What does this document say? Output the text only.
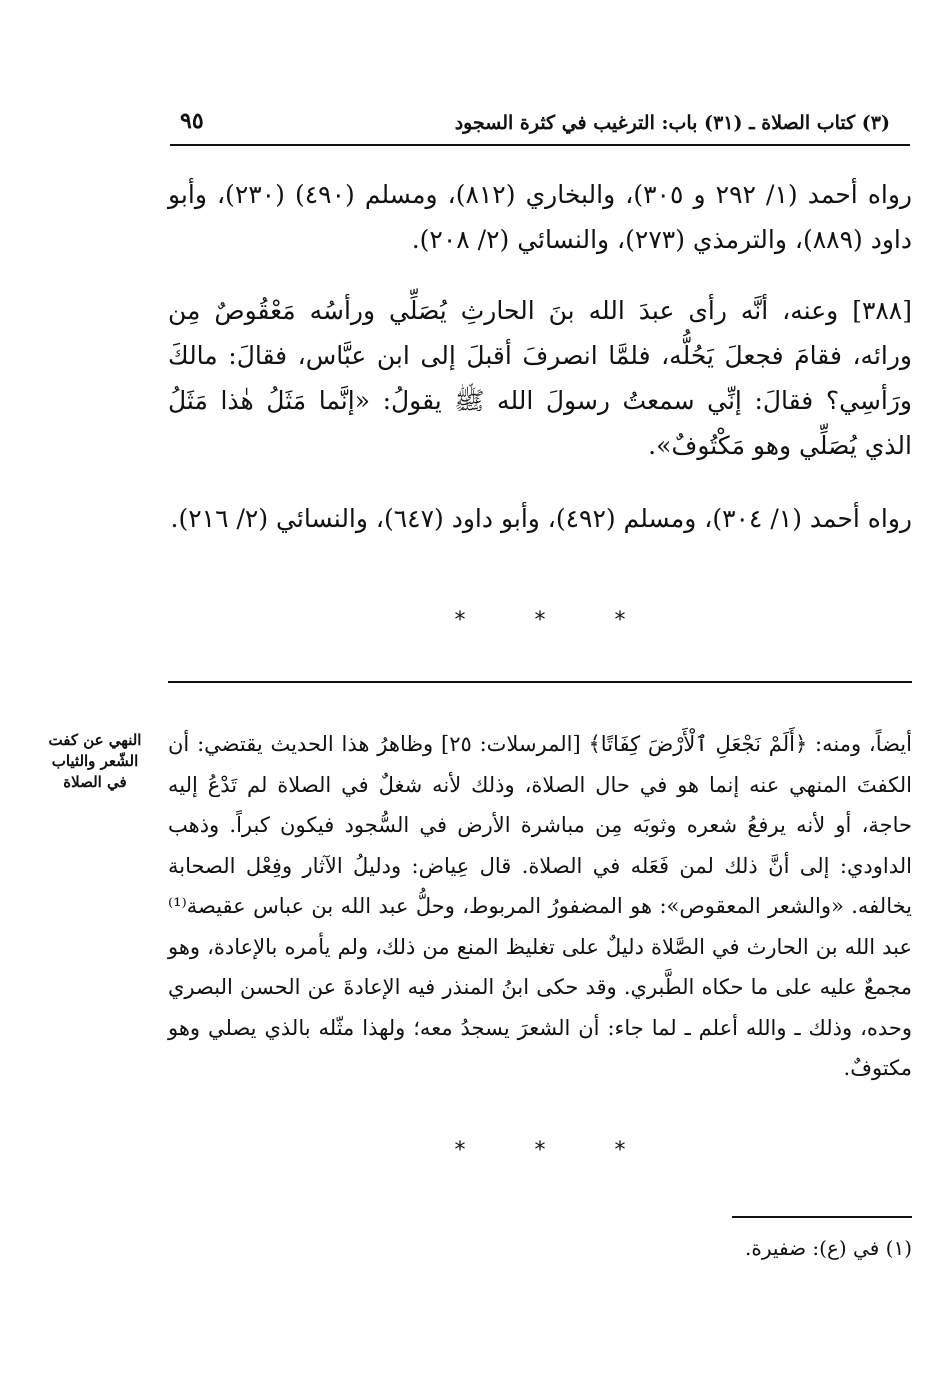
(٣) كتاب الصلاة ـ (٣١) باب: الترغيب في كثرة السجود
٩٥

رواه أحمد (١/ ٢٩٢ و ٣٠٥)، والبخاري (٨١٢)، ومسلم (٤٩٠) (٢٣٠)، وأبو داود (٨٨٩)، والترمذي (٢٧٣)، والنسائي (٢/ ٢٠٨).

[٣٨٨] وعنه، أنَّه رأى عبدَ الله بنَ الحارثِ يُصَلِّي ورأسُه مَعْقُوصٌ مِن ورائه، فقامَ فجعلَ يَحُلُّه، فلمَّا انصرفَ أقبلَ إلى ابن عبَّاس، فقالَ: مالكَ ورَأسِي؟ فقالَ: إنِّي سمعتُ رسولَ الله ﷺ يقولُ: «إنَّما مَثَلُ هٰذا مَثَلُ الذي يُصَلِّي وهو مَكْتُوفٌ».

رواه أحمد (١/ ٣٠٤)، ومسلم (٤٩٢)، وأبو داود (٦٤٧)، والنسائي (٢/ ٢١٦).

* * *
النهي عن كفت
الشّعر والثياب
في الصلاة

أيضاً، ومنه: ﴿أَلَمْ نَجْعَلِ ٱلْأَرْضَ كِفَاتًا﴾ [المرسلات: ٢٥] وظاهرُ هذا الحديث يقتضي: أن الكفتَ المنهي عنه إنما هو في حال الصلاة، وذلك لأنه شغلٌ في الصلاة لم تَدْعُ إليه حاجة، أو لأنه يرفعُ شعره وثوبَه مِن مباشرة الأرض في السُّجود فيكون كبراً. وذهب الداودي: إلى أنَّ ذلك لمن فَعَله في الصلاة. قال عِياض: ودليلُ الآثار وفِعْل الصحابة يخالفه. «والشعر المعقوص»: هو المضفورُ المربوط، وحلُّ عبد الله بن عباس عقيصة⁽¹⁾ عبد الله بن الحارث في الصَّلاة دليلٌ على تغليظ المنع من ذلك، ولم يأمره بالإعادة، وهو مجمعٌ عليه على ما حكاه الطَّبري. وقد حكى ابنُ المنذر فيه الإعادةَ عن الحسن البصري وحده، وذلك ـ والله أعلم ـ لما جاء: أن الشعرَ يسجدُ معه؛ ولهذا مثّله بالذي يصلي وهو مكتوفٌ.

* * *
(١) في (ع): ضفيرة.
